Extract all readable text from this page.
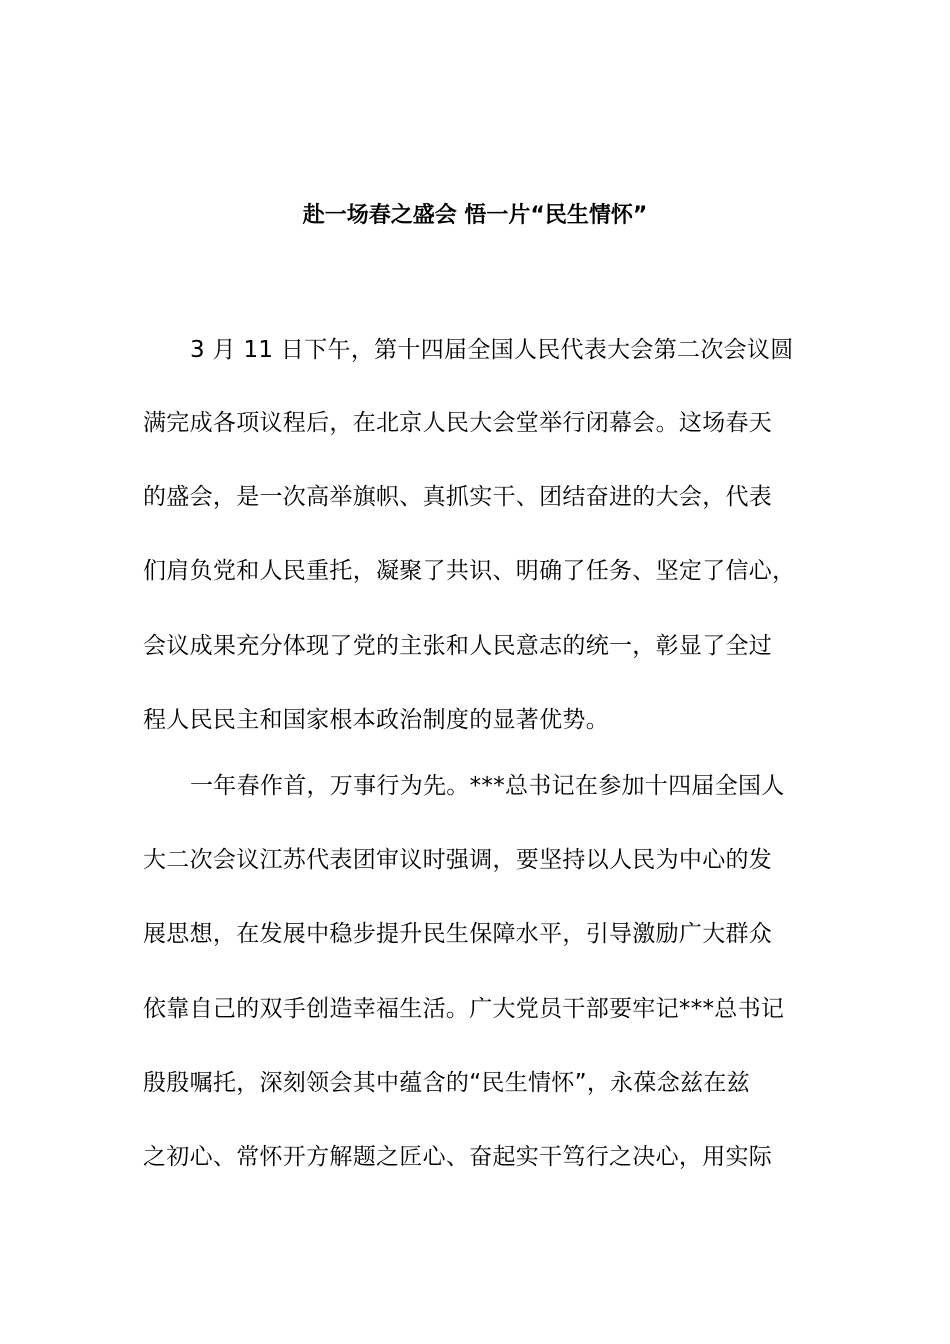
赴一场春之盛会 悟一片“民生情怀”
3 月 11 日下午，第十四届全国人民代表大会第二次会议圆
满完成各项议程后，在北京人民大会堂举行闭幕会。这场春天
的盛会，是一次高举旗帜、真抓实干、团结奋进的大会，代表
们肩负党和人民重托，凝聚了共识、明确了任务、坚定了信心，
会议成果充分体现了党的主张和人民意志的统一，彰显了全过
程人民民主和国家根本政治制度的显著优势。
一年春作首，万事行为先。***总书记在参加十四届全国人
大二次会议江苏代表团审议时强调，要坚持以人民为中心的发
展思想，在发展中稳步提升民生保障水平，引导激励广大群众
依靠自己的双手创造幸福生活。广大党员干部要牢记***总书记
殷殷嘱托，深刻领会其中蕴含的“民生情怀”，永葆念兹在兹
之初心、常怀开方解题之匠心、奋起实干笃行之决心，用实际
